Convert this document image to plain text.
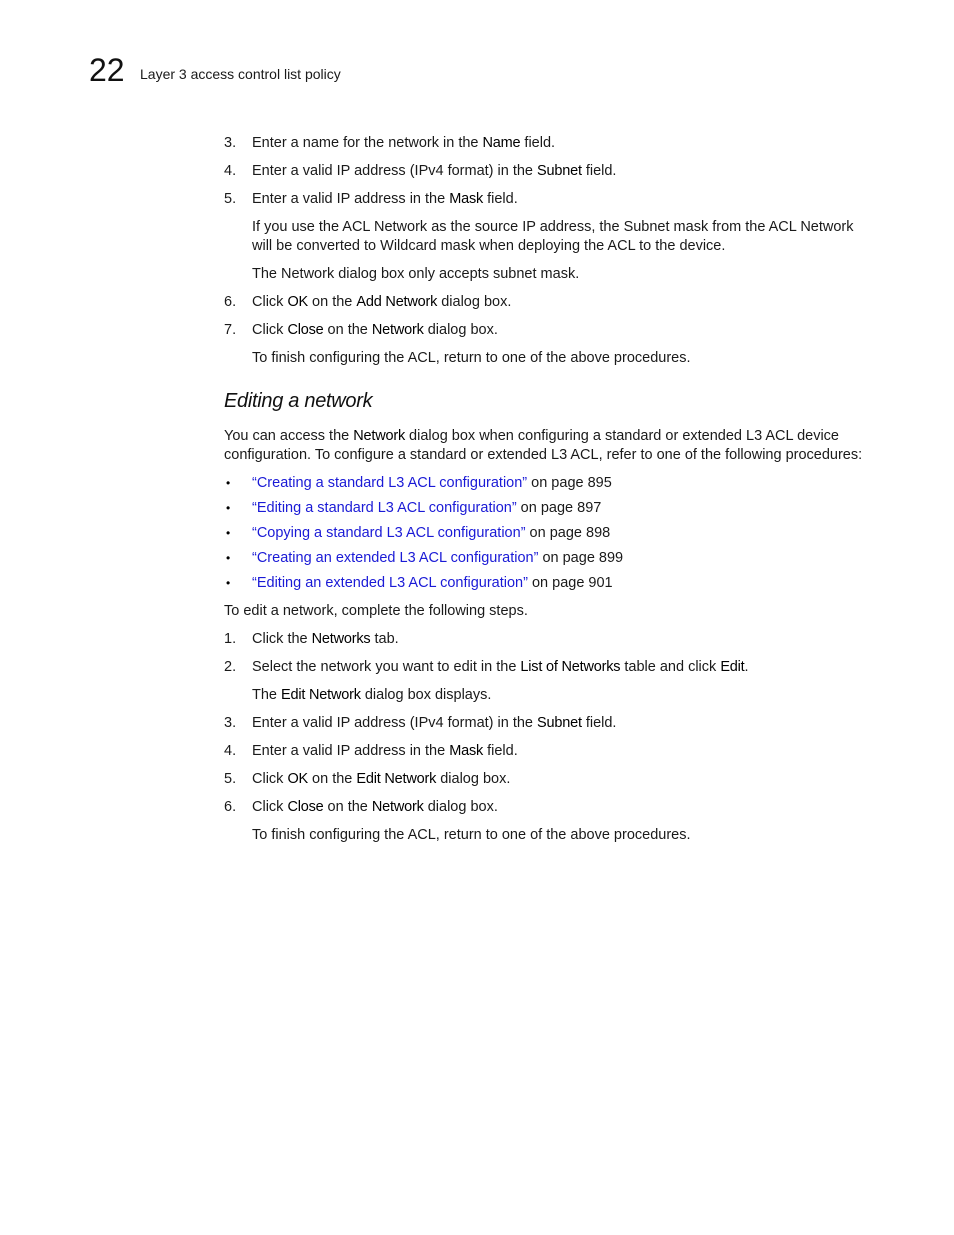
22 Layer 3 access control list policy
3. Enter a name for the network in the Name field.
4. Enter a valid IP address (IPv4 format) in the Subnet field.
5. Enter a valid IP address in the Mask field.
If you use the ACL Network as the source IP address, the Subnet mask from the ACL Network
will be converted to Wildcard mask when deploying the ACL to the device.
The Network dialog box only accepts subnet mask.
6. Click OK on the Add Network dialog box.
7. Click Close on the Network dialog box.
To finish configuring the ACL, return to one of the above procedures.
Editing a network
You can access the Network dialog box when configuring a standard or extended L3 ACL device
configuration. To configure a standard or extended L3 ACL, refer to one of the following procedures:
• “Creating a standard L3 ACL configuration” on page 895
• “Editing a standard L3 ACL configuration” on page 897
• “Copying a standard L3 ACL configuration” on page 898
• “Creating an extended L3 ACL configuration” on page 899
• “Editing an extended L3 ACL configuration” on page 901
To edit a network, complete the following steps.
1. Click the Networks tab.
2. Select the network you want to edit in the List of Networks table and click Edit.
The Edit Network dialog box displays.
3. Enter a valid IP address (IPv4 format) in the Subnet field.
4. Enter a valid IP address in the Mask field.
5. Click OK on the Edit Network dialog box.
6. Click Close on the Network dialog box.
To finish configuring the ACL, return to one of the above procedures.
